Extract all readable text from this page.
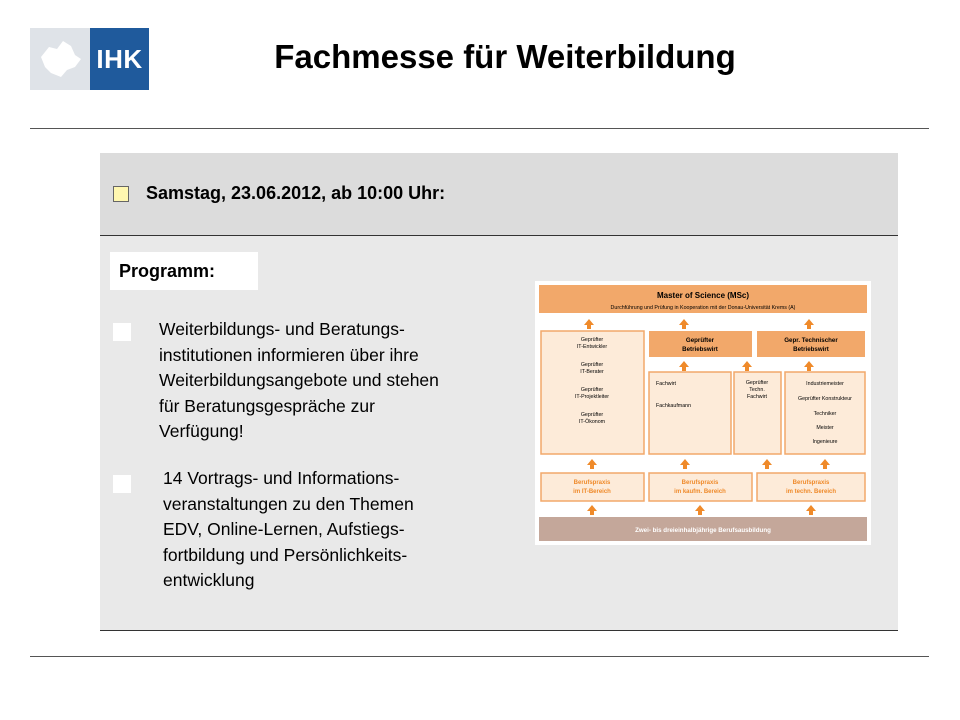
IHK	Fachmesse für Weiterbildung
Samstag, 23.06.2012, ab 10:00 Uhr:
Programm:
Weiterbildungs- und Beratungs-
institutionen informieren über ihre
Weiterbildungsangebote und stehen
für Beratungsgespräche zur
Verfügung!
14 Vortrags- und Informations-
veranstaltungen zu den Themen
EDV, Online-Lernen, Aufstiegs-
fortbildung und Persönlichkeits-
entwicklung
Master of Science (MSc)
Durchführung und Prüfung in Kooperation mit der Donau-Universität Krems (A)
Geprüfter
IT-Entwickler
Geprüfter
IT-Berater
Geprüfter
IT-Projektleiter
Geprüfter
IT-Ökonom
Geprüfter
Betriebswirt
Gepr. Technischer
Betriebswirt
Fachwirt
Fachkaufmann
Geprüfter
Techn.
Fachwirt
Industriemeister
Geprüfter Konstrukteur
Techniker
Meister
Ingenieure
Berufspraxis
im IT-Bereich
Berufspraxis
im kaufm. Bereich
Berufspraxis
im techn. Bereich
Zwei- bis dreieinhalbjährige Berufsausbildung
